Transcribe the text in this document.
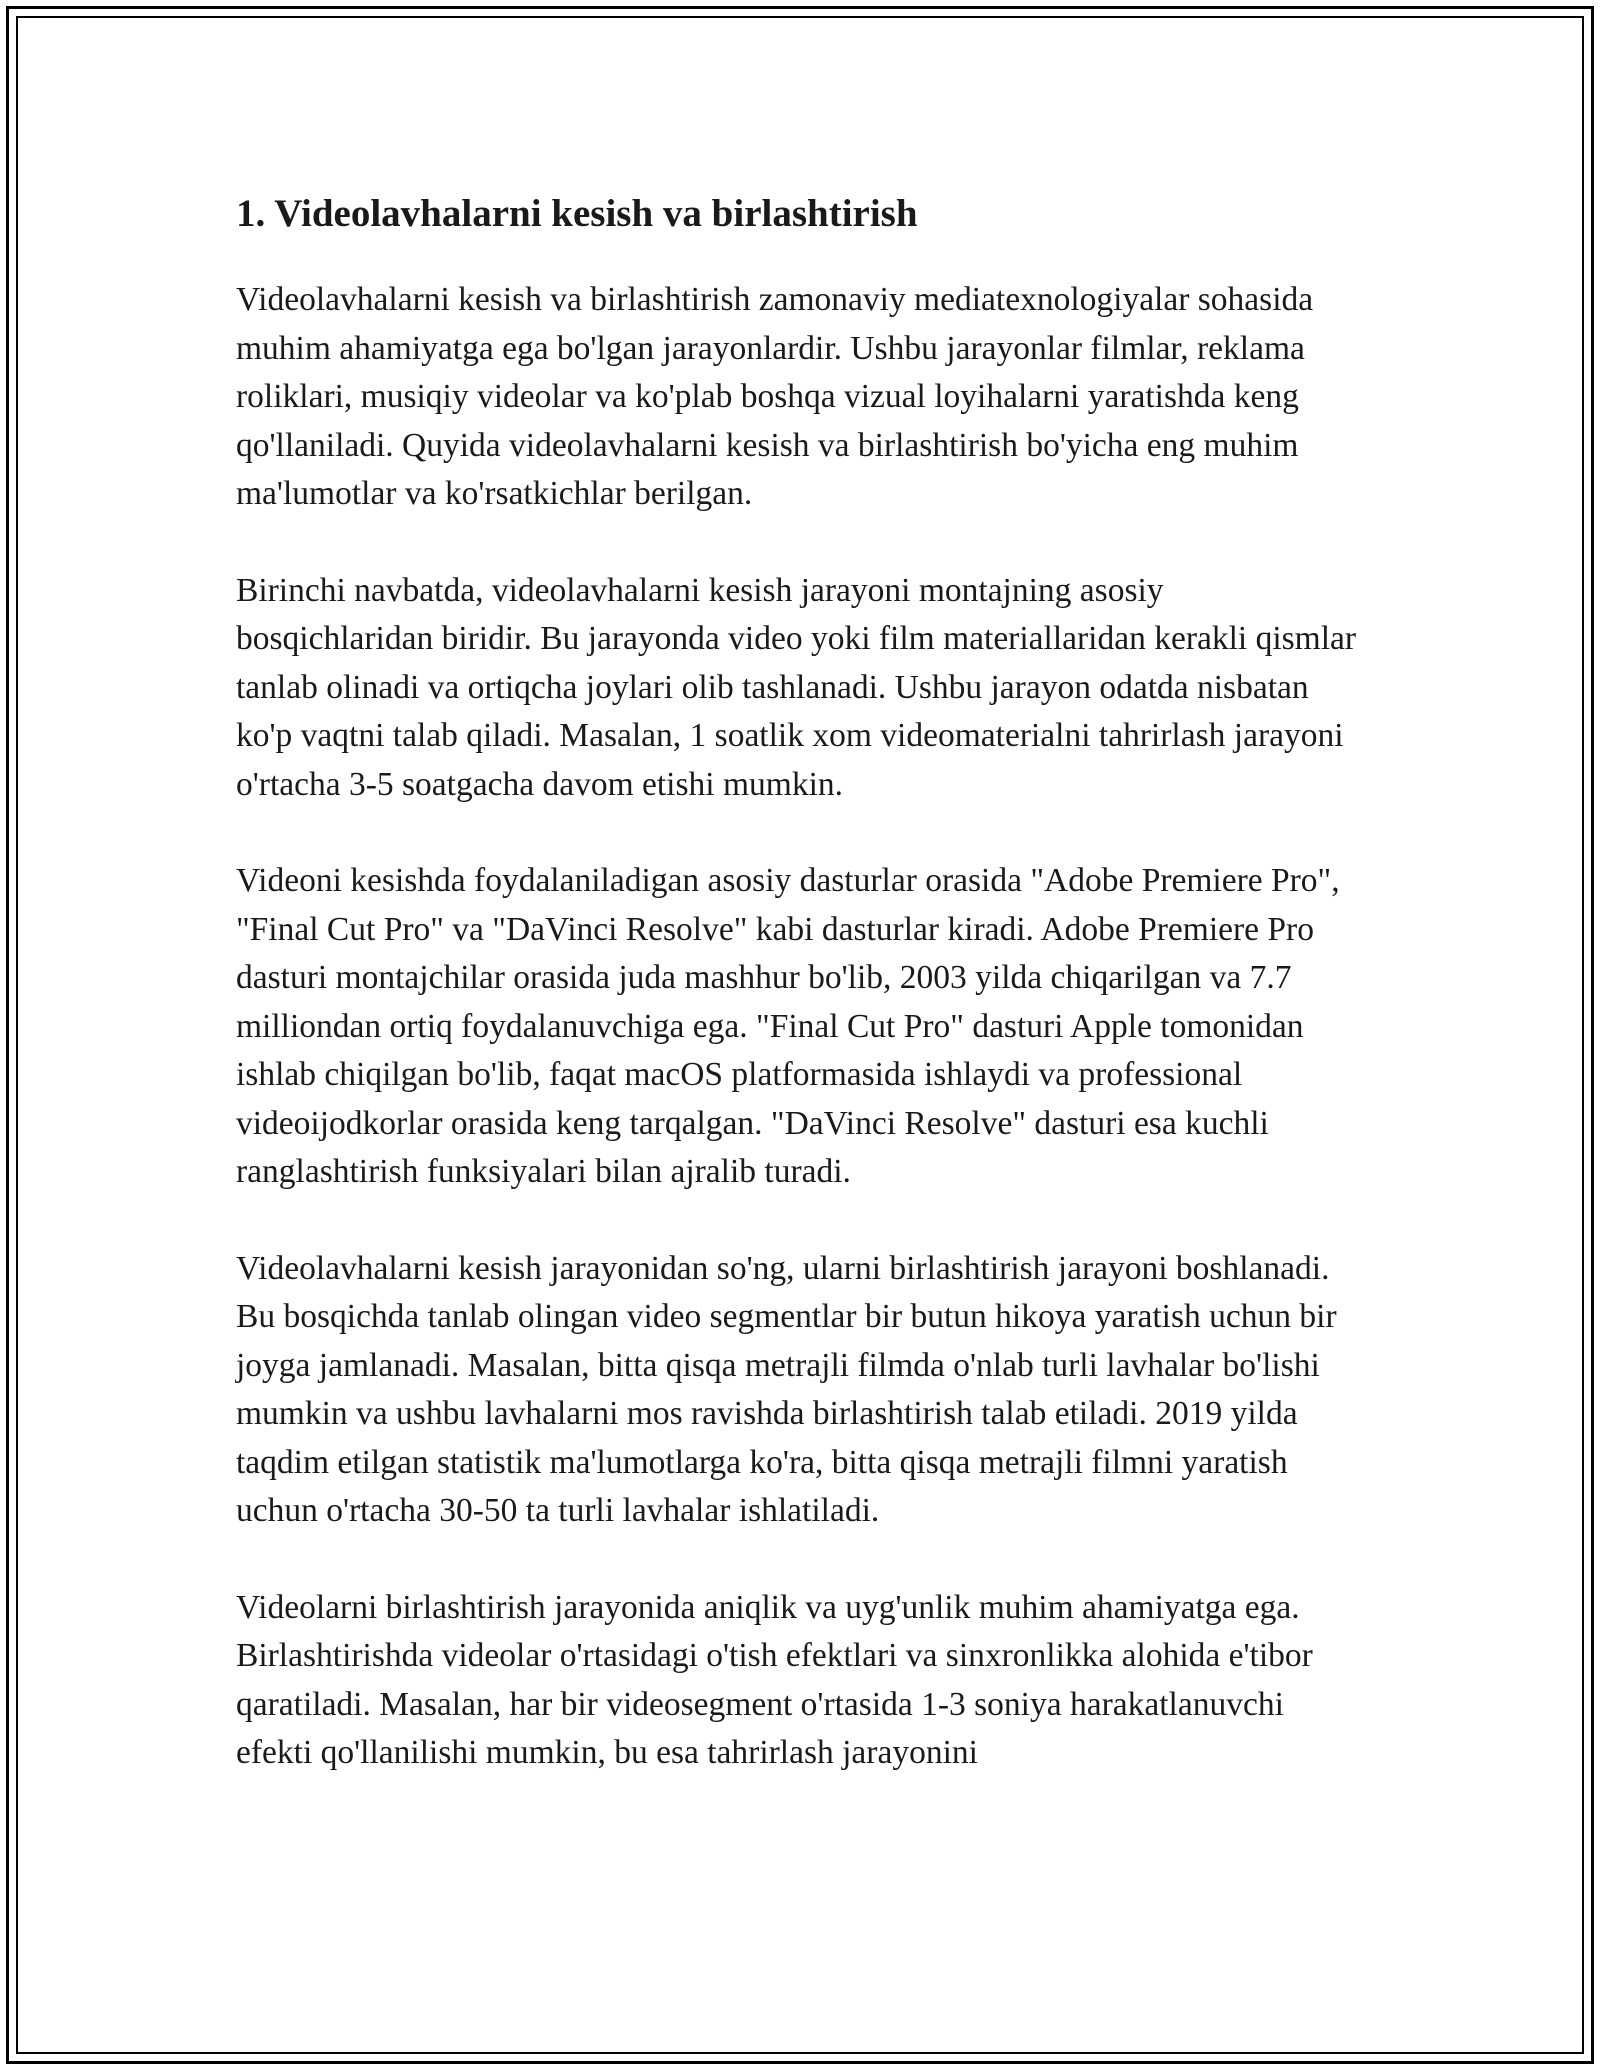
1. Videolavhalarni kesish va birlashtirish

Videolavhalarni kesish va birlashtirish zamonaviy mediatexnologiyalar sohasida muhim ahamiyatga ega bo'lgan jarayonlardir. Ushbu jarayonlar filmlar, reklama roliklari, musiqiy videolar va ko'plab boshqa vizual loyihalarni yaratishda keng qo'llaniladi. Quyida videolavhalarni kesish va birlashtirish bo'yicha eng muhim ma'lumotlar va ko'rsatkichlar berilgan.

Birinchi navbatda, videolavhalarni kesish jarayoni montajning asosiy bosqichlaridan biridir. Bu jarayonda video yoki film materiallaridan kerakli qismlar tanlab olinadi va ortiqcha joylari olib tashlanadi. Ushbu jarayon odatda nisbatan ko'p vaqtni talab qiladi. Masalan, 1 soatlik xom videomaterialni tahrirlash jarayoni o'rtacha 3-5 soatgacha davom etishi mumkin.

Videoni kesishda foydalaniladigan asosiy dasturlar orasida "Adobe Premiere Pro", "Final Cut Pro" va "DaVinci Resolve" kabi dasturlar kiradi. Adobe Premiere Pro dasturi montajchilar orasida juda mashhur bo'lib, 2003 yilda chiqarilgan va 7.7 milliondan ortiq foydalanuvchiga ega. "Final Cut Pro" dasturi Apple tomonidan ishlab chiqilgan bo'lib, faqat macOS platformasida ishlaydi va professional videoijodkorlar orasida keng tarqalgan. "DaVinci Resolve" dasturi esa kuchli ranglashtirish funksiyalari bilan ajralib turadi.

Videolavhalarni kesish jarayonidan so'ng, ularni birlashtirish jarayoni boshlanadi. Bu bosqichda tanlab olingan video segmentlar bir butun hikoya yaratish uchun bir joyga jamlanadi. Masalan, bitta qisqa metrajli filmda o'nlab turli lavhalar bo'lishi mumkin va ushbu lavhalarni mos ravishda birlashtirish talab etiladi. 2019 yilda taqdim etilgan statistik ma'lumotlarga ko'ra, bitta qisqa metrajli filmni yaratish uchun o'rtacha 30-50 ta turli lavhalar ishlatiladi.

Videolarni birlashtirish jarayonida aniqlik va uyg'unlik muhim ahamiyatga ega. Birlashtirishda videolar o'rtasidagi o'tish efektlari va sinxronlikka alohida e'tibor qaratiladi. Masalan, har bir videosegment o'rtasida 1-3 soniya harakatlanuvchi efekti qo'llanilishi mumkin, bu esa tahrirlash jarayonini
